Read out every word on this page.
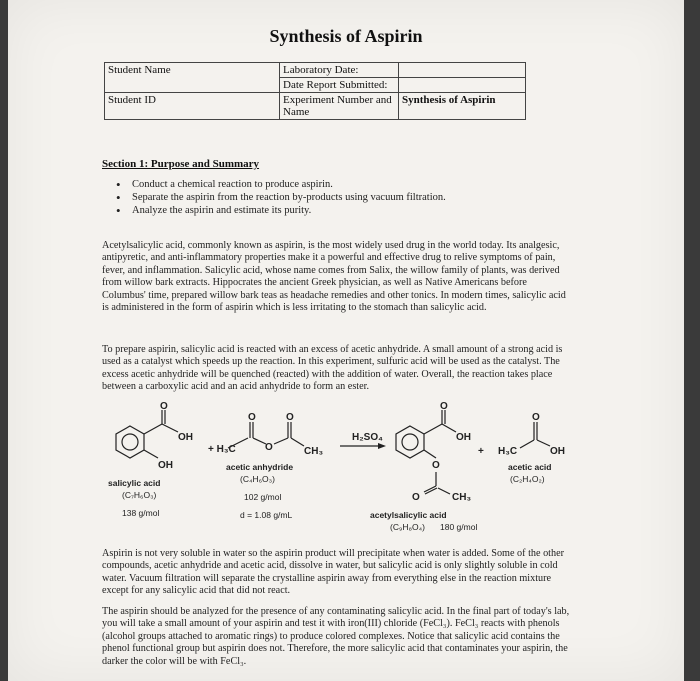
Synthesis of Aspirin
Student Name	Laboratory Date:	
	Date Report Submitted:	
Student ID	Experiment Number and Name	Synthesis of Aspirin
Section 1: Purpose and Summary
• Conduct a chemical reaction to produce aspirin.
• Separate the aspirin from the reaction by-products using vacuum filtration.
• Analyze the aspirin and estimate its purity.

Acetylsalicylic acid, commonly known as aspirin, is the most widely used drug in the world today. Its analgesic, antipyretic, and anti-inflammatory properties make it a powerful and effective drug to relive symptoms of pain, fever, and inflammation. Salicylic acid, whose name comes from Salix, the willow family of plants, was derived from willow bark extracts. Hippocrates the ancient Greek physician, as well as Native Americans before Columbus' time, prepared willow bark teas as headache remedies and other tonics. In modern times, salicylic acid is administered in the form of aspirin which is less irritating to the stomach than salicylic acid.

To prepare aspirin, salicylic acid is reacted with an excess of acetic anhydride. A small amount of a strong acid is used as a catalyst which speeds up the reaction. In this experiment, sulfuric acid will be used as the catalyst. The excess acetic anhydride will be quenched (reacted) with the addition of water. Overall, the reaction takes place between a carboxylic acid and an acid anhydride to form an ester.

O
OH
OH
+ H₃C
O	O
O	CH₃
H₂SO₄
O
OH
O
O	CH₃
+ H₃C
O
OH
salicylic acid
(C₇H₆O₃)
138 g/mol
acetic anhydride
(C₄H₆O₃)
102 g/mol
d = 1.08 g/mL	acetylsalicylic acid
(C₉H₈O₄) 180 g/mol
acetic acid
(C₂H₄O₂)

Aspirin is not very soluble in water so the aspirin product will precipitate when water is added. Some of the other compounds, acetic anhydride and acetic acid, dissolve in water, but salicylic acid is only slightly soluble in cold water. Vacuum filtration will separate the crystalline aspirin away from everything else in the reaction mixture except for any salicylic acid that did not react.

The aspirin should be analyzed for the presence of any contaminating salicylic acid. In the final part of today's lab, you will take a small amount of your aspirin and test it with iron(III) chloride (FeCl₃). FeCl₃ reacts with phenols (alcohol groups attached to aromatic rings) to produce colored complexes. Notice that salicylic acid contains the phenol functional group but aspirin does not. Therefore, the more salicylic acid that contaminates your aspirin, the darker the color will be with FeCl₃.
